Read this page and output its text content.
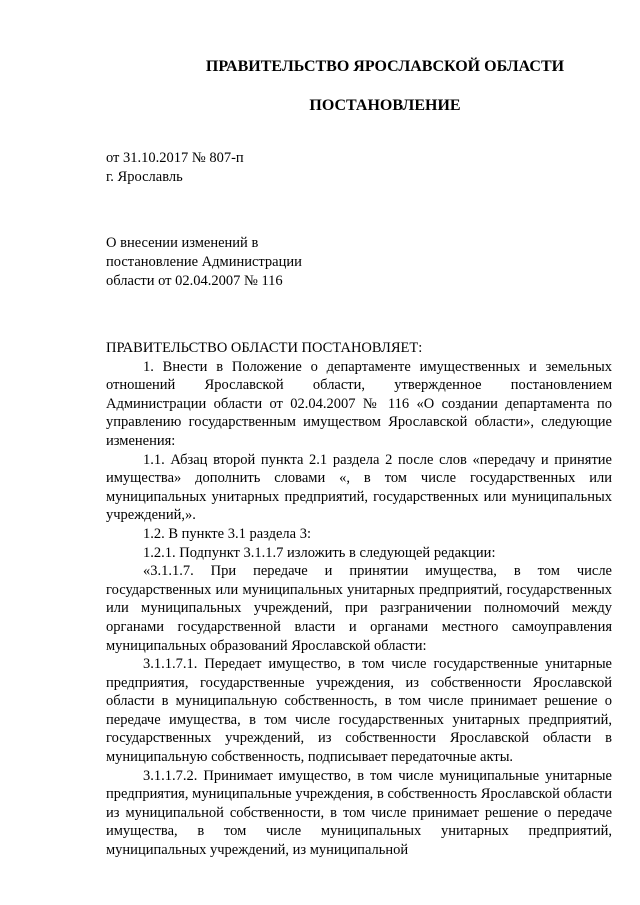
ПРАВИТЕЛЬСТВО ЯРОСЛАВСКОЙ ОБЛАСТИ
ПОСТАНОВЛЕНИЕ
от 31.10.2017 № 807-п
г. Ярославль
О внесении изменений в
постановление Администрации
области от 02.04.2007 № 116

ПРАВИТЕЛЬСТВО ОБЛАСТИ ПОСТАНОВЛЯЕТ:

1. Внести в Положение о департаменте имущественных и земельных отношений Ярославской области, утвержденное постановлением Администрации области от 02.04.2007 № 116 «О создании департамента по управлению государственным имуществом Ярославской области», следующие изменения:

1.1. Абзац второй пункта 2.1 раздела 2 после слов «передачу и принятие имущества» дополнить словами «, в том числе государственных или муниципальных унитарных предприятий, государственных или муниципальных учреждений,».

1.2. В пункте 3.1 раздела 3:

1.2.1. Подпункт 3.1.1.7 изложить в следующей редакции:

«3.1.1.7. При передаче и принятии имущества, в том числе государственных или муниципальных унитарных предприятий, государственных или муниципальных учреждений, при разграничении полномочий между органами государственной власти и органами местного самоуправления муниципальных образований Ярославской области:

3.1.1.7.1. Передает имущество, в том числе государственные унитарные предприятия, государственные учреждения, из собственности Ярославской области в муниципальную собственность, в том числе принимает решение о передаче имущества, в том числе государственных унитарных предприятий, государственных учреждений, из собственности Ярославской области в муниципальную собственность, подписывает передаточные акты.

3.1.1.7.2. Принимает имущество, в том числе муниципальные унитарные предприятия, муниципальные учреждения, в собственность Ярославской области из муниципальной собственности, в том числе принимает решение о передаче имущества, в том числе муниципальных унитарных предприятий, муниципальных учреждений, из муниципальной
